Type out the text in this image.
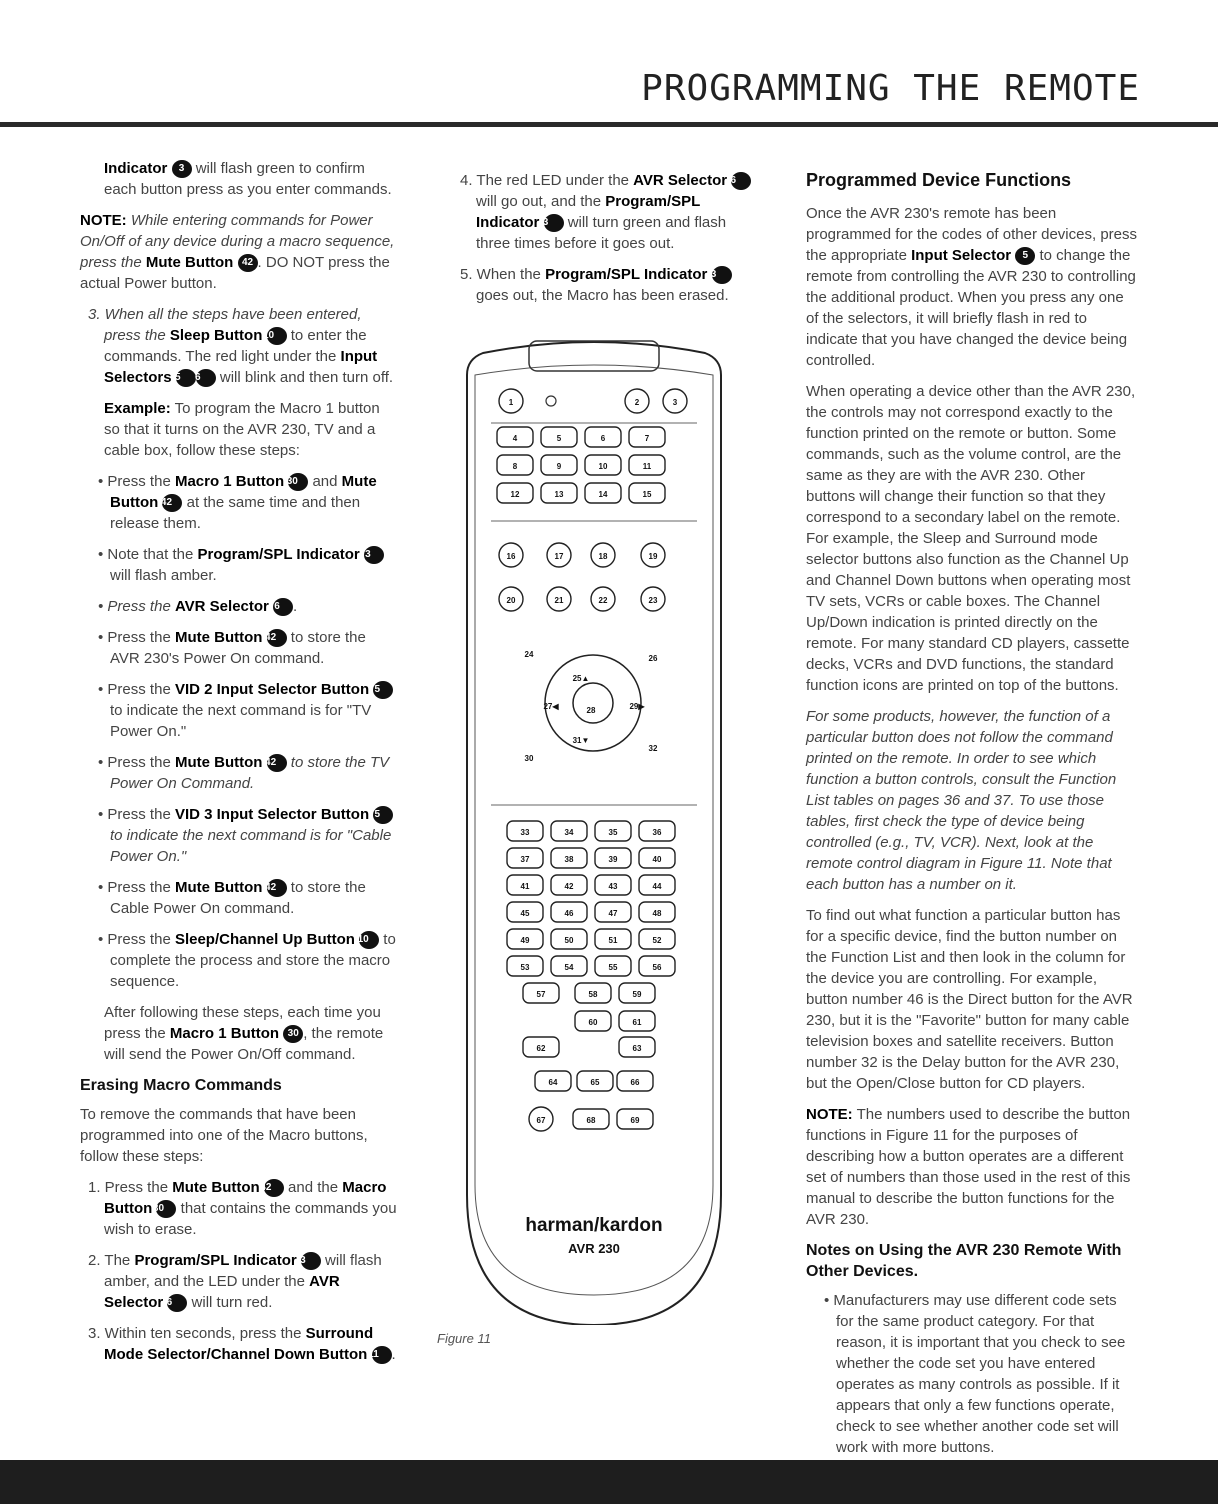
PROGRAMMING THE REMOTE

Indicator 3 will flash green to confirm each button press as you enter commands.

NOTE: While entering commands for Power On/Off of any device during a macro sequence, press the Mute Button 42 . DO NOT press the actual Power button.

3. When all the steps have been entered, press the Sleep Button 10 to enter the commands. The red light under the Input Selectors 5 6 will blink and then turn off.

Example: To program the Macro 1 button so that it turns on the AVR 230, TV and a cable box, follow these steps:

• Press the Macro 1 Button 30 and Mute Button 42 at the same time and then release them.

• Note that the Program/SPL Indicator 3 will flash amber.

• Press the AVR Selector 6 .

• Press the Mute Button 42 to store the AVR 230's Power On command.

• Press the VID 2 Input Selector Button 5 to indicate the next command is for "TV Power On."

• Press the Mute Button 42 to store the TV Power On Command.

• Press the VID 3 Input Selector Button 5 to indicate the next command is for "Cable Power On."

• Press the Mute Button 42 to store the Cable Power On command.

• Press the Sleep/Channel Up Button 10 to complete the process and store the macro sequence.

After following these steps, each time you press the Macro 1 Button 30 , the remote will send the Power On/Off command.

Erasing Macro Commands

To remove the commands that have been programmed into one of the Macro buttons, follow these steps:

1. Press the Mute Button 42 and the Macro Button 30 that contains the commands you wish to erase.

2. The Program/SPL Indicator 3 will flash amber, and the LED under the AVR Selector 6 will turn red.

3. Within ten seconds, press the Surround Mode Selector/Channel Down Button 11 .

4. The red LED under the AVR Selector 6 will go out, and the Program/SPL Indicator 3 will turn green and flash three times before it goes out.

5. When the Program/SPL Indicator 3 goes out, the Macro has been erased.

1	2	3
4	5	6	7
8	9	10	11
12	13	14	15
16	17	18	19
20	21	22	23
24
25▲
26
27◀	28	29▶
30
31▼
32
33	34	35	36
37	38	39	40
41	42	43	44
45	46	47	48
49	50	51	52
53	54	55	56
57	58	59
60	61
62	63
64	65	66
67	68	69
harman/kardon
AVR 230
Figure 11
Programmed Device Functions

Once the AVR 230's remote has been programmed for the codes of other devices, press the appropriate Input Selector 5 to change the remote from controlling the AVR 230 to controlling the additional product. When you press any one of the selectors, it will briefly flash in red to indicate that you have changed the device being controlled.

When operating a device other than the AVR 230, the controls may not correspond exactly to the function printed on the remote or button. Some commands, such as the volume control, are the same as they are with the AVR 230. Other buttons will change their function so that they correspond to a secondary label on the remote. For example, the Sleep and Surround mode selector buttons also function as the Channel Up and Channel Down buttons when operating most TV sets, VCRs or cable boxes. The Channel Up/Down indication is printed directly on the remote. For many standard CD players, cassette decks, VCRs and DVD functions, the standard function icons are printed on top of the buttons.

For some products, however, the function of a particular button does not follow the command printed on the remote. In order to see which function a button controls, consult the Function List tables on pages 36 and 37. To use those tables, first check the type of device being controlled (e.g., TV, VCR). Next, look at the remote control diagram in Figure 11. Note that each button has a number on it.

To find out what function a particular button has for a specific device, find the button number on the Function List and then look in the column for the device you are controlling. For example, button number 46 is the Direct button for the AVR 230, but it is the "Favorite" button for many cable television boxes and satellite receivers. Button number 32 is the Delay button for the AVR 230, but the Open/Close button for CD players.

NOTE: The numbers used to describe the button functions in Figure 11 for the purposes of describing how a button operates are a different set of numbers than those used in the rest of this manual to describe the button functions for the AVR 230.

Notes on Using the AVR 230 Remote With Other Devices.

• Manufacturers may use different code sets for the same product category. For that reason, it is important that you check to see whether the code set you have entered operates as many controls as possible. If it appears that only a few functions operate, check to see whether another code set will work with more buttons.
